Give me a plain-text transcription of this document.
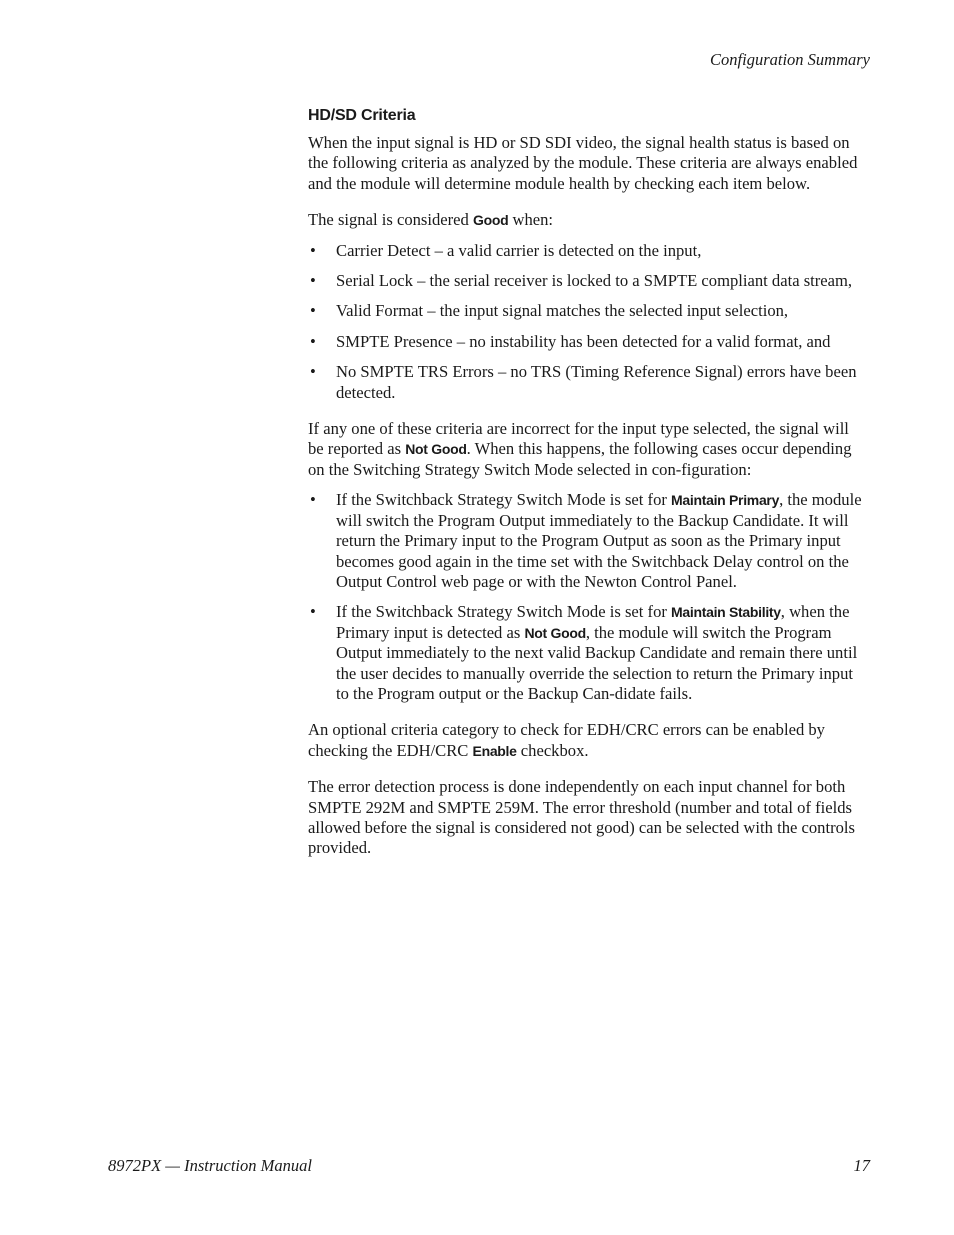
Configuration Summary
HD/SD Criteria

When the input signal is HD or SD SDI video, the signal health status is based on the following criteria as analyzed by the module. These criteria are always enabled and the module will determine module health by checking each item below.

The signal is considered Good when:

• Carrier Detect – a valid carrier is detected on the input,
• Serial Lock – the serial receiver is locked to a SMPTE compliant data stream,
• Valid Format – the input signal matches the selected input selection,
• SMPTE Presence – no instability has been detected for a valid format, and
• No SMPTE TRS Errors – no TRS (Timing Reference Signal) errors have been detected.

If any one of these criteria are incorrect for the input type selected, the signal will be reported as Not Good. When this happens, the following cases occur depending on the Switching Strategy Switch Mode selected in con-figuration:

• If the Switchback Strategy Switch Mode is set for Maintain Primary, the module will switch the Program Output immediately to the Backup Candidate. It will return the Primary input to the Program Output as soon as the Primary input becomes good again in the time set with the Switchback Delay control on the Output Control web page or with the Newton Control Panel.
• If the Switchback Strategy Switch Mode is set for Maintain Stability, when the Primary input is detected as Not Good, the module will switch the Program Output immediately to the next valid Backup Candidate and remain there until the user decides to manually override the selection to return the Primary input to the Program output or the Backup Can-didate fails.

An optional criteria category to check for EDH/CRC errors can be enabled by checking the EDH/CRC Enable checkbox.

The error detection process is done independently on each input channel for both SMPTE 292M and SMPTE 259M. The error threshold (number and total of fields allowed before the signal is considered not good) can be selected with the controls provided.

8972PX — Instruction Manual	17
